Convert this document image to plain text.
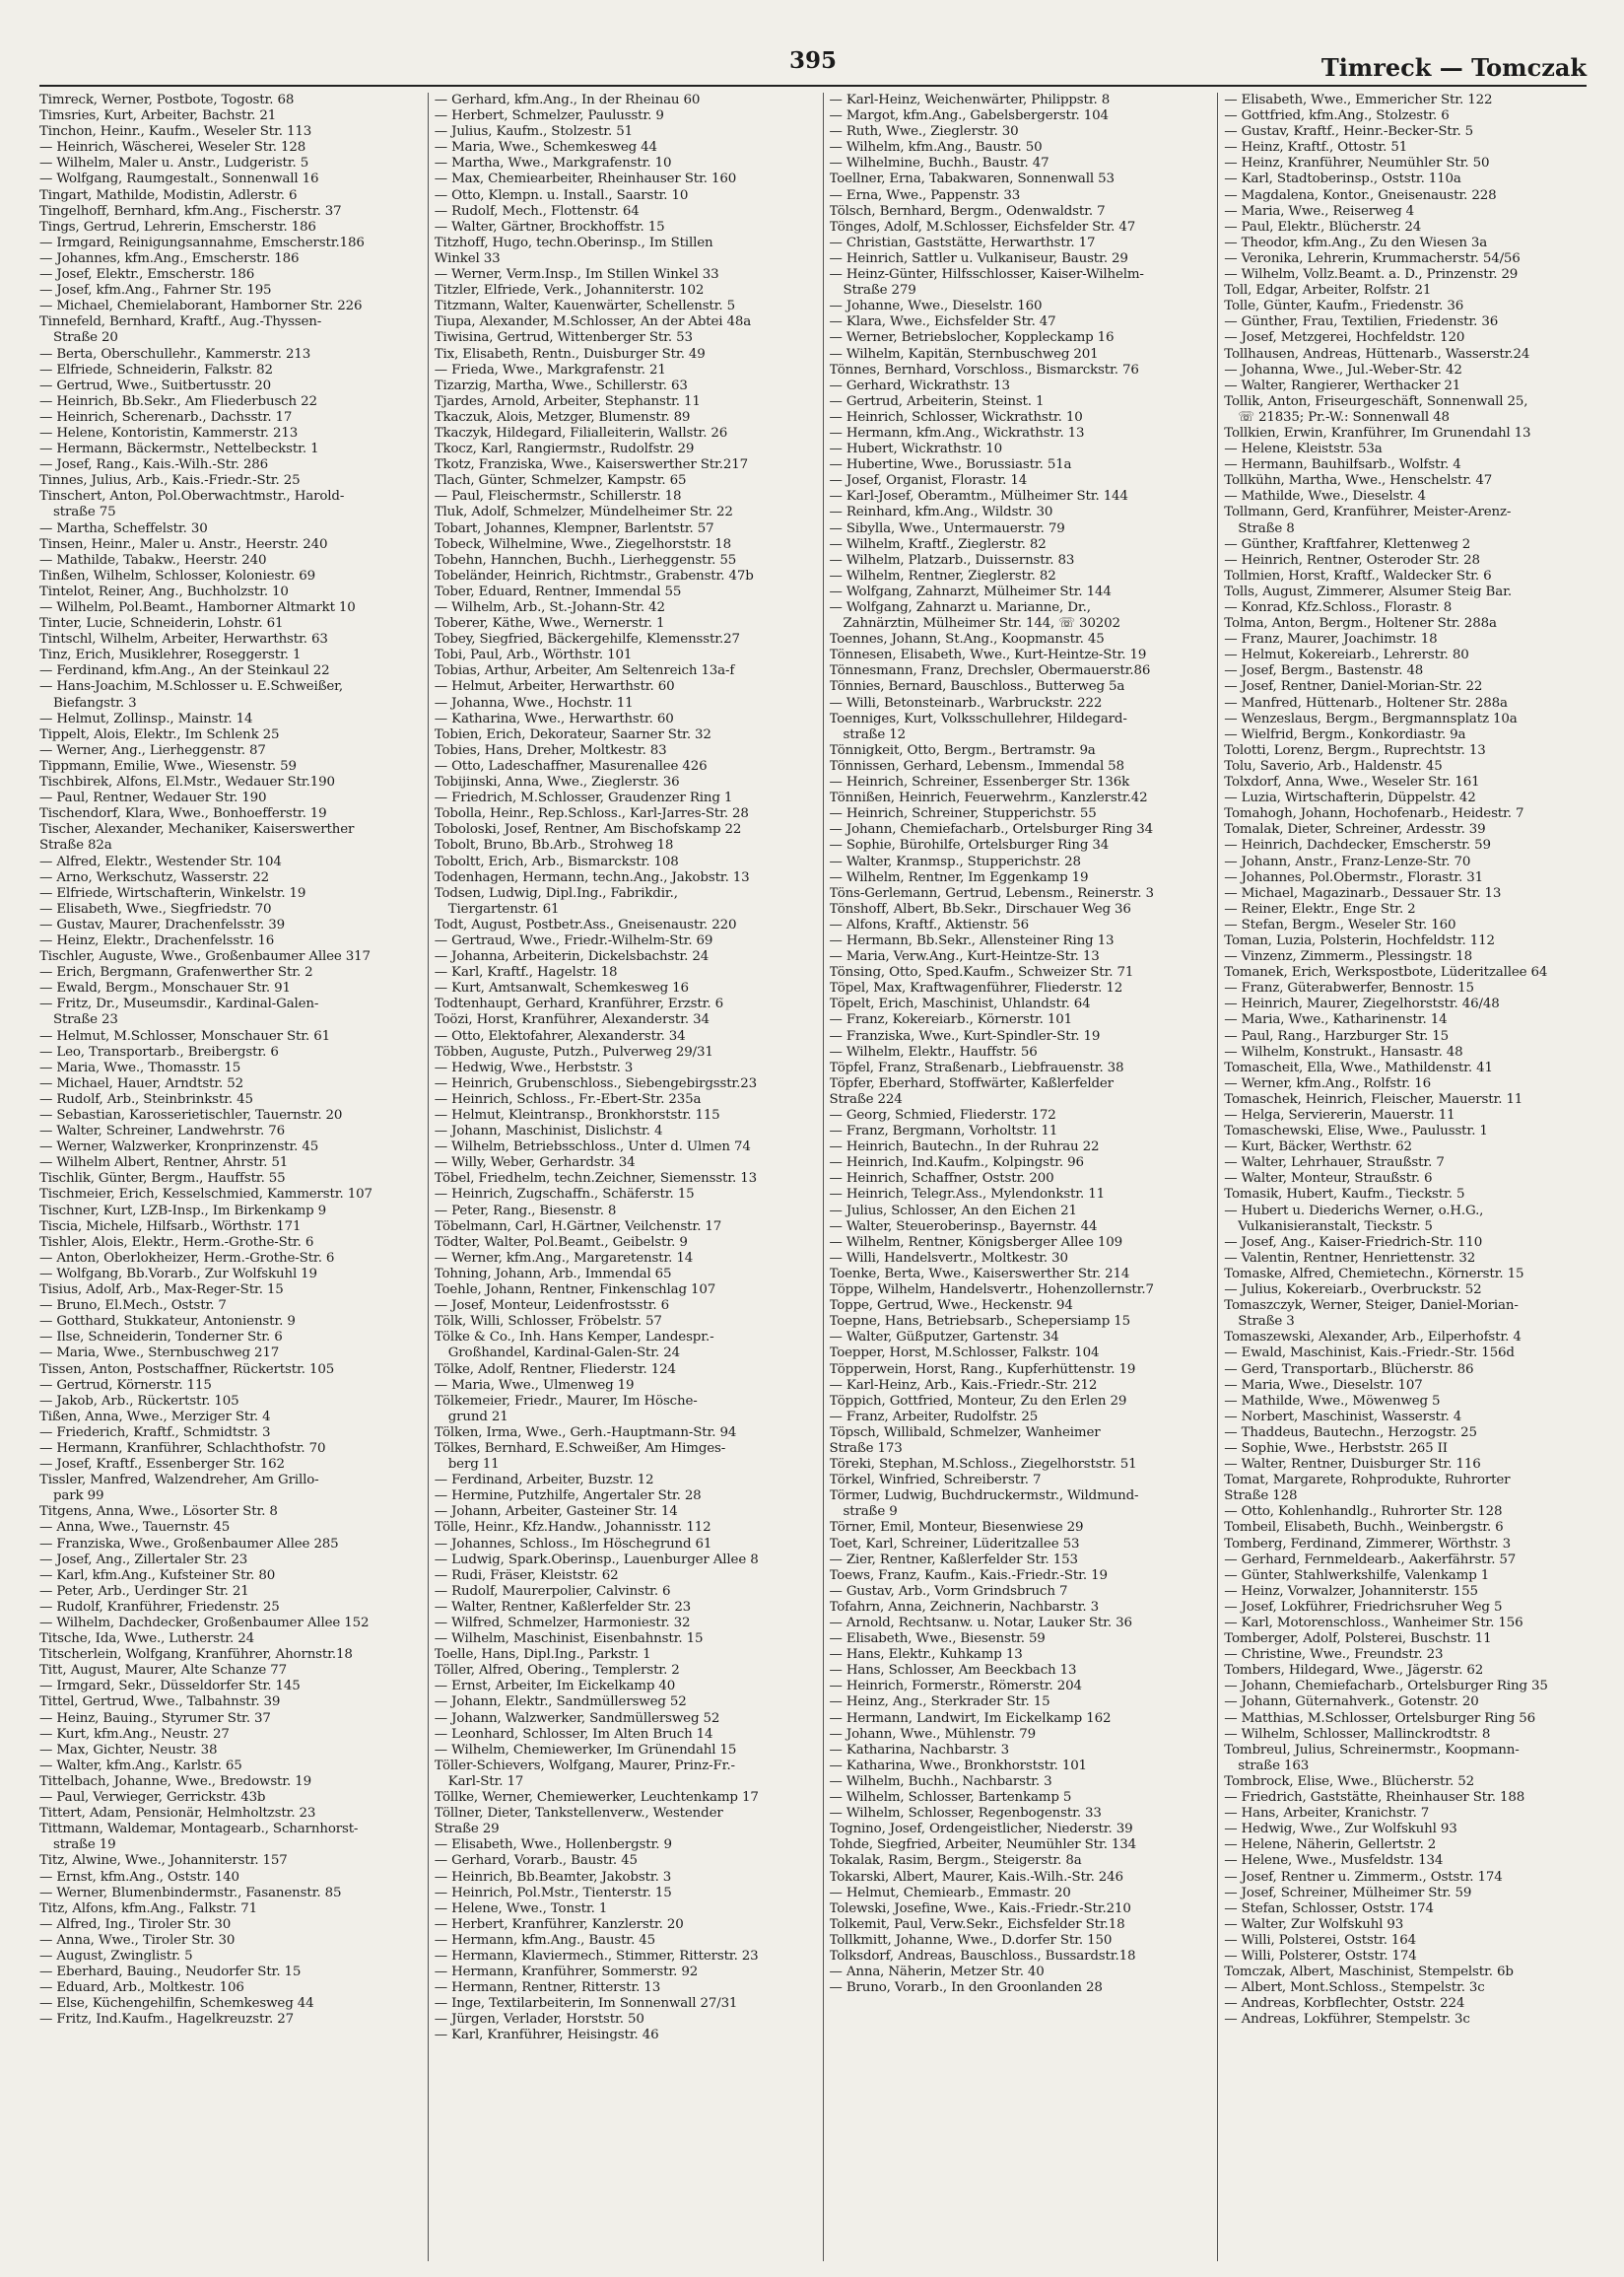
395	Timreck — Tomczak
Timreck, Werner, Postbote, Togostr. 68
Timsries, Kurt, Arbeiter, Bachstr. 21
Tinchon, Heinr., Kaufm., Weseler Str. 113
— Heinrich, Wäscherei, Weseler Str. 128
— Wilhelm, Maler u. Anstr., Ludgeristr. 5
— Wolfgang, Raumgestalt., Sonnenwall 16
Tingart, Mathilde, Modistin, Adlerstr. 6
Tingelhoff, Bernhard, kfm.Ang., Fischerstr. 37
Tings, Gertrud, Lehrerin, Emscherstr. 186
— Irmgard, Reinigungsannahme, Emscherstr.186
— Johannes, kfm.Ang., Emscherstr. 186
— Josef, Elektr., Emscherstr. 186
— Josef, kfm.Ang., Fahrner Str. 195
— Michael, Chemielaborant, Hamborner Str. 226
Tinnefeld, Bernhard, Kraftf., Aug.-Thyssen-
Straße 20
— Berta, Oberschullehr., Kammerstr. 213
— Elfriede, Schneiderin, Falkstr. 82
— Gertrud, Wwe., Suitbertusstr. 20
— Heinrich, Bb.Sekr., Am Fliederbusch 22
— Heinrich, Scherenarb., Dachsstr. 17
— Helene, Kontoristin, Kammerstr. 213
— Hermann, Bäckermstr., Nettelbeckstr. 1
— Josef, Rang., Kais.-Wilh.-Str. 286
Tinnes, Julius, Arb., Kais.-Friedr.-Str. 25
Tinschert, Anton, Pol.Oberwachtmstr., Harold-
straße 75
— Martha, Scheffelstr. 30
Tinsen, Heinr., Maler u. Anstr., Heerstr. 240
— Mathilde, Tabakw., Heerstr. 240
Tinßen, Wilhelm, Schlosser, Koloniestr. 69
Tintelot, Reiner, Ang., Buchholzstr. 10
— Wilhelm, Pol.Beamt., Hamborner Altmarkt 10
Tinter, Lucie, Schneiderin, Lohstr. 61
Tintschl, Wilhelm, Arbeiter, Herwarthstr. 63
Tinz, Erich, Musiklehrer, Roseggerstr. 1
— Ferdinand, kfm.Ang., An der Steinkaul 22
— Hans-Joachim, M.Schlosser u. E.Schweißer,
Biefangstr. 3
— Helmut, Zollinsp., Mainstr. 14
Tippelt, Alois, Elektr., Im Schlenk 25
— Werner, Ang., Lierheggenstr. 87
Tippmann, Emilie, Wwe., Wiesenstr. 59
Tischbirek, Alfons, El.Mstr., Wedauer Str.190
— Paul, Rentner, Wedauer Str. 190
Tischendorf, Klara, Wwe., Bonhoefferstr. 19
Tischer, Alexander, Mechaniker, Kaiserswerther
Straße 82a
— Alfred, Elektr., Westender Str. 104
— Arno, Werkschutz, Wasserstr. 22
— Elfriede, Wirtschafterin, Winkelstr. 19
— Elisabeth, Wwe., Siegfriedstr. 70
— Gustav, Maurer, Drachenfelsstr. 39
— Heinz, Elektr., Drachenfelsstr. 16
Tischler, Auguste, Wwe., Großenbaumer Allee 317
— Erich, Bergmann, Grafenwerther Str. 2
— Ewald, Bergm., Monschauer Str. 91
— Fritz, Dr., Museumsdir., Kardinal-Galen-
Straße 23
— Helmut, M.Schlosser, Monschauer Str. 61
— Leo, Transportarb., Breibergstr. 6
— Maria, Wwe., Thomasstr. 15
— Michael, Hauer, Arndtstr. 52
— Rudolf, Arb., Steinbrinkstr. 45
— Sebastian, Karosserietischler, Tauernstr. 20
— Walter, Schreiner, Landwehrstr. 76
— Werner, Walzwerker, Kronprinzenstr. 45
— Wilhelm Albert, Rentner, Ahrstr. 51
Tischlik, Günter, Bergm., Hauffstr. 55
Tischmeier, Erich, Kesselschmied, Kammerstr. 107
Tischner, Kurt, LZB-Insp., Im Birkenkamp 9
Tiscia, Michele, Hilfsarb., Wörthstr. 171
Tishler, Alois, Elektr., Herm.-Grothe-Str. 6
— Anton, Oberlokheizer, Herm.-Grothe-Str. 6
— Wolfgang, Bb.Vorarb., Zur Wolfskuhl 19
Tisius, Adolf, Arb., Max-Reger-Str. 15
— Bruno, El.Mech., Oststr. 7
— Gotthard, Stukkateur, Antonienstr. 9
— Ilse, Schneiderin, Tonderner Str. 6
— Maria, Wwe., Sternbuschweg 217
Tissen, Anton, Postschaffner, Rückertstr. 105
— Gertrud, Körnerstr. 115
— Jakob, Arb., Rückertstr. 105
Tißen, Anna, Wwe., Merziger Str. 4
— Friederich, Kraftf., Schmidtstr. 3
— Hermann, Kranführer, Schlachthofstr. 70
— Josef, Kraftf., Essenberger Str. 162
Tissler, Manfred, Walzendreher, Am Grillo-
park 99
Titgens, Anna, Wwe., Lösorter Str. 8
— Anna, Wwe., Tauernstr. 45
— Franziska, Wwe., Großenbaumer Allee 285
— Josef, Ang., Zillertaler Str. 23
— Karl, kfm.Ang., Kufsteiner Str. 80
— Peter, Arb., Uerdinger Str. 21
— Rudolf, Kranführer, Friedenstr. 25
— Wilhelm, Dachdecker, Großenbaumer Allee 152
Titsche, Ida, Wwe., Lutherstr. 24
Titscherlein, Wolfgang, Kranführer, Ahornstr.18
Titt, August, Maurer, Alte Schanze 77
— Irmgard, Sekr., Düsseldorfer Str. 145
Tittel, Gertrud, Wwe., Talbahnstr. 39
— Heinz, Bauing., Styrumer Str. 37
— Kurt, kfm.Ang., Neustr. 27
— Max, Gichter, Neustr. 38
— Walter, kfm.Ang., Karlstr. 65
Tittelbach, Johanne, Wwe., Bredowstr. 19
— Paul, Verwieger, Gerrickstr. 43b
Tittert, Adam, Pensionär, Helmholtzstr. 23
Tittmann, Waldemar, Montagearb., Scharnhorst-
straße 19
Titz, Alwine, Wwe., Johanniterstr. 157
— Ernst, kfm.Ang., Oststr. 140
— Werner, Blumenbindermstr., Fasanenstr. 85
Titz, Alfons, kfm.Ang., Falkstr. 71
— Alfred, Ing., Tiroler Str. 30
— Anna, Wwe., Tiroler Str. 30
— August, Zwinglistr. 5
— Eberhard, Bauing., Neudorfer Str. 15
— Eduard, Arb., Moltkestr. 106
— Else, Küchengehilfin, Schemkesweg 44
— Fritz, Ind.Kaufm., Hagelkreuzstr. 27
— Gerhard, kfm.Ang., In der Rheinau 60
— Herbert, Schmelzer, Paulusstr. 9
— Julius, Kaufm., Stolzestr. 51
— Maria, Wwe., Schemkesweg 44
— Martha, Wwe., Markgrafenstr. 10
— Max, Chemiearbeiter, Rheinhauser Str. 160
— Otto, Klempn. u. Install., Saarstr. 10
— Rudolf, Mech., Flottenstr. 64
— Walter, Gärtner, Brockhoffstr. 15
Titzhoff, Hugo, techn.Oberinsp., Im Stillen
Winkel 33
— Werner, Verm.Insp., Im Stillen Winkel 33
Titzler, Elfriede, Verk., Johanniterstr. 102
Titzmann, Walter, Kauenwärter, Schellenstr. 5
Tiupa, Alexander, M.Schlosser, An der Abtei 48a
Tiwisina, Gertrud, Wittenberger Str. 53
Tix, Elisabeth, Rentn., Duisburger Str. 49
— Frieda, Wwe., Markgrafenstr. 21
Tizarzig, Martha, Wwe., Schillerstr. 63
Tjardes, Arnold, Arbeiter, Stephanstr. 11
Tkaczuk, Alois, Metzger, Blumenstr. 89
Tkaczyk, Hildegard, Filialleiterin, Wallstr. 26
Tkocz, Karl, Rangiermstr., Rudolfstr. 29
Tkotz, Franziska, Wwe., Kaiserswerther Str.217
Tlach, Günter, Schmelzer, Kampstr. 65
— Paul, Fleischermstr., Schillerstr. 18
Tluk, Adolf, Schmelzer, Mündelheimer Str. 22
Tobart, Johannes, Klempner, Barlentstr. 57
Tobeck, Wilhelmine, Wwe., Ziegelhorststr. 18
Tobehn, Hannchen, Buchh., Lierheggenstr. 55
Tobeländer, Heinrich, Richtmstr., Grabenstr. 47b
Tober, Eduard, Rentner, Immendal 55
— Wilhelm, Arb., St.-Johann-Str. 42
Toberer, Käthe, Wwe., Wernerstr. 1
Tobey, Siegfried, Bäckergehilfe, Klemensstr.27
Tobi, Paul, Arb., Wörthstr. 101
Tobias, Arthur, Arbeiter, Am Seltenreich 13a-f
— Helmut, Arbeiter, Herwarthstr. 60
— Johanna, Wwe., Hochstr. 11
— Katharina, Wwe., Herwarthstr. 60
Tobien, Erich, Dekorateur, Saarner Str. 32
Tobies, Hans, Dreher, Moltkestr. 83
— Otto, Ladeschaffner, Masurenallee 426
Tobijinski, Anna, Wwe., Zieglerstr. 36
— Friedrich, M.Schlosser, Graudenzer Ring 1
Tobolla, Heinr., Rep.Schloss., Karl-Jarres-Str. 28
Toboloski, Josef, Rentner, Am Bischofskamp 22
Tobolt, Bruno, Bb.Arb., Strohweg 18
Toboltt, Erich, Arb., Bismarckstr. 108
Todenhagen, Hermann, techn.Ang., Jakobstr. 13
Todsen, Ludwig, Dipl.Ing., Fabrikdir.,
Tiergartenstr. 61
Todt, August, Postbetr.Ass., Gneisenaustr. 220
— Gertraud, Wwe., Friedr.-Wilhelm-Str. 69
— Johanna, Arbeiterin, Dickelsbachstr. 24
— Karl, Kraftf., Hagelstr. 18
— Kurt, Amtsanwalt, Schemkesweg 16
Todtenhaupt, Gerhard, Kranführer, Erzstr. 6
Toözi, Horst, Kranführer, Alexanderstr. 34
— Otto, Elektofahrer, Alexanderstr. 34
Többen, Auguste, Putzh., Pulverweg 29/31
— Hedwig, Wwe., Herbststr. 3
— Heinrich, Grubenschloss., Siebengebirgsstr.23
— Heinrich, Schloss., Fr.-Ebert-Str. 235a
— Helmut, Kleintransp., Bronkhorststr. 115
— Johann, Maschinist, Dislichstr. 4
— Wilhelm, Betriebsschloss., Unter d. Ulmen 74
— Willy, Weber, Gerhardstr. 34
Töbel, Friedhelm, techn.Zeichner, Siemensstr. 13
— Heinrich, Zugschaffn., Schäferstr. 15
— Peter, Rang., Biesenstr. 8
Töbelmann, Carl, H.Gärtner, Veilchenstr. 17
Tödter, Walter, Pol.Beamt., Geibelstr. 9
— Werner, kfm.Ang., Margaretenstr. 14
Tohning, Johann, Arb., Immendal 65
Toehle, Johann, Rentner, Finkenschlag 107
— Josef, Monteur, Leidenfrostsstr. 6
Tölk, Willi, Schlosser, Fröbelstr. 57
Tölke & Co., Inh. Hans Kemper, Landespr.-
Großhandel, Kardinal-Galen-Str. 24
Tölke, Adolf, Rentner, Fliederstr. 124
— Maria, Wwe., Ulmenweg 19
Tölkemeier, Friedr., Maurer, Im Hösche-
grund 21
Tölken, Irma, Wwe., Gerh.-Hauptmann-Str. 94
Tölkes, Bernhard, E.Schweißer, Am Himges-
berg 11
— Ferdinand, Arbeiter, Buzstr. 12
— Hermine, Putzhilfe, Angertaler Str. 28
— Johann, Arbeiter, Gasteiner Str. 14
Tölle, Heinr., Kfz.Handw., Johannisstr. 112
— Johannes, Schloss., Im Höschegrund 61
— Ludwig, Spark.Oberinsp., Lauenburger Allee 8
— Rudi, Fräser, Kleiststr. 62
— Rudolf, Maurerpolier, Calvinstr. 6
— Walter, Rentner, Kaßlerfelder Str. 23
— Wilfred, Schmelzer, Harmoniestr. 32
— Wilhelm, Maschinist, Eisenbahnstr. 15
Toelle, Hans, Dipl.Ing., Parkstr. 1
Töller, Alfred, Obering., Templerstr. 2
— Ernst, Arbeiter, Im Eickelkamp 40
— Johann, Elektr., Sandmüllersweg 52
— Johann, Walzwerker, Sandmüllersweg 52
— Leonhard, Schlosser, Im Alten Bruch 14
— Wilhelm, Chemiewerker, Im Grünendahl 15
Töller-Schievers, Wolfgang, Maurer, Prinz-Fr.-
Karl-Str. 17
Töllke, Werner, Chemiewerker, Leuchtenkamp 17
Töllner, Dieter, Tankstellenverw., Westender
Straße 29
— Elisabeth, Wwe., Hollenbergstr. 9
— Gerhard, Vorarb., Baustr. 45
— Heinrich, Bb.Beamter, Jakobstr. 3
— Heinrich, Pol.Mstr., Tienterstr. 15
— Helene, Wwe., Tonstr. 1
— Herbert, Kranführer, Kanzlerstr. 20
— Hermann, kfm.Ang., Baustr. 45
— Hermann, Klaviermech., Stimmer, Ritterstr. 23
— Hermann, Kranführer, Sommerstr. 92
— Hermann, Rentner, Ritterstr. 13
— Inge, Textilarbeiterin, Im Sonnenwall 27/31
— Jürgen, Verlader, Horststr. 50
— Karl, Kranführer, Heisingstr. 46
— Karl-Heinz, Weichenwärter, Philippstr. 8
— Margot, kfm.Ang., Gabelsbergerstr. 104
— Ruth, Wwe., Zieglerstr. 30
— Wilhelm, kfm.Ang., Baustr. 50
— Wilhelmine, Buchh., Baustr. 47
Toellner, Erna, Tabakwaren, Sonnenwall 53
— Erna, Wwe., Pappenstr. 33
Tölsch, Bernhard, Bergm., Odenwaldstr. 7
Tönges, Adolf, M.Schlosser, Eichsfelder Str. 47
— Christian, Gaststätte, Herwarthstr. 17
— Heinrich, Sattler u. Vulkaniseur, Baustr. 29
— Heinz-Günter, Hilfsschlosser, Kaiser-Wilhelm-
Straße 279
— Johanne, Wwe., Dieselstr. 160
— Klara, Wwe., Eichsfelder Str. 47
— Werner, Betriebslocher, Koppleckamp 16
— Wilhelm, Kapitän, Sternbuschweg 201
Tönnes, Bernhard, Vorschloss., Bismarckstr. 76
— Gerhard, Wickrathstr. 13
— Gertrud, Arbeiterin, Steinst. 1
— Heinrich, Schlosser, Wickrathstr. 10
— Hermann, kfm.Ang., Wickrathstr. 13
— Hubert, Wickrathstr. 10
— Hubertine, Wwe., Borussiastr. 51a
— Josef, Organist, Florastr. 14
— Karl-Josef, Oberamtm., Mülheimer Str. 144
— Reinhard, kfm.Ang., Wildstr. 30
— Sibylla, Wwe., Untermauerstr. 79
— Wilhelm, Kraftf., Zieglerstr. 82
— Wilhelm, Platzarb., Duissernstr. 83
— Wilhelm, Rentner, Zieglerstr. 82
— Wolfgang, Zahnarzt, Mülheimer Str. 144
— Wolfgang, Zahnarzt u. Marianne, Dr.,
Zahnärztin, Mülheimer Str. 144, ☏ 30202
Toennes, Johann, St.Ang., Koopmanstr. 45
Tönnesen, Elisabeth, Wwe., Kurt-Heintze-Str. 19
Tönnesmann, Franz, Drechsler, Obermauerstr.86
Tönnies, Bernard, Bauschloss., Butterweg 5a
— Willi, Betonsteinarb., Warbruckstr. 222
Toenniges, Kurt, Volksschullehrer, Hildegard-
straße 12
Tönnigkeit, Otto, Bergm., Bertramstr. 9a
Tönnissen, Gerhard, Lebensm., Immendal 58
— Heinrich, Schreiner, Essenberger Str. 136k
Tönnißen, Heinrich, Feuerwehrm., Kanzlerstr.42
— Heinrich, Schreiner, Stupperichstr. 55
— Johann, Chemiefacharb., Ortelsburger Ring 34
— Sophie, Bürohilfe, Ortelsburger Ring 34
— Walter, Kranmsp., Stupperichstr. 28
— Wilhelm, Rentner, Im Eggenkamp 19
Töns-Gerlemann, Gertrud, Lebensm., Reinerstr. 3
Tönshoff, Albert, Bb.Sekr., Dirschauer Weg 36
— Alfons, Kraftf., Aktienstr. 56
— Hermann, Bb.Sekr., Allensteiner Ring 13
— Maria, Verw.Ang., Kurt-Heintze-Str. 13
Tönsing, Otto, Sped.Kaufm., Schweizer Str. 71
Töpel, Max, Kraftwagenführer, Fliederstr. 12
Töpelt, Erich, Maschinist, Uhlandstr. 64
— Franz, Kokereiarb., Körnerstr. 101
— Franziska, Wwe., Kurt-Spindler-Str. 19
— Wilhelm, Elektr., Hauffstr. 56
Töpfel, Franz, Straßenarb., Liebfrauenstr. 38
Töpfer, Eberhard, Stoffwärter, Kaßlerfelder
Straße 224
— Georg, Schmied, Fliederstr. 172
— Franz, Bergmann, Vorholtstr. 11
— Heinrich, Bautechn., In der Ruhrau 22
— Heinrich, Ind.Kaufm., Kolpingstr. 96
— Heinrich, Schaffner, Oststr. 200
— Heinrich, Telegr.Ass., Mylendonkstr. 11
— Julius, Schlosser, An den Eichen 21
— Walter, Steueroberinsp., Bayernstr. 44
— Wilhelm, Rentner, Königsberger Allee 109
— Willi, Handelsvertr., Moltkestr. 30
Toenke, Berta, Wwe., Kaiserswerther Str. 214
Töppe, Wilhelm, Handelsvertr., Hohenzollernstr.7
Toppe, Gertrud, Wwe., Heckenstr. 94
Toepne, Hans, Betriebsarb., Schepersiamp 15
— Walter, Güßputzer, Gartenstr. 34
Toepper, Horst, M.Schlosser, Falkstr. 104
Töpperwein, Horst, Rang., Kupferhüttenstr. 19
— Karl-Heinz, Arb., Kais.-Friedr.-Str. 212
Töppich, Gottfried, Monteur, Zu den Erlen 29
— Franz, Arbeiter, Rudolfstr. 25
Töpsch, Willibald, Schmelzer, Wanheimer
Straße 173
Töreki, Stephan, M.Schloss., Ziegelhorststr. 51
Törkel, Winfried, Schreiberstr. 7
Törmer, Ludwig, Buchdruckermstr., Wildmund-
straße 9
Törner, Emil, Monteur, Biesenwiese 29
Toet, Karl, Schreiner, Lüderitzallee 53
— Zier, Rentner, Kaßlerfelder Str. 153
Toews, Franz, Kaufm., Kais.-Friedr.-Str. 19
— Gustav, Arb., Vorm Grindsbruch 7
Tofahrn, Anna, Zeichnerin, Nachbarstr. 3
— Arnold, Rechtsanw. u. Notar, Lauker Str. 36
— Elisabeth, Wwe., Biesenstr. 59
— Hans, Elektr., Kuhkamp 13
— Hans, Schlosser, Am Beeckbach 13
— Heinrich, Formerstr., Römerstr. 204
— Heinz, Ang., Sterkrader Str. 15
— Hermann, Landwirt, Im Eickelkamp 162
— Johann, Wwe., Mühlenstr. 79
— Katharina, Nachbarstr. 3
— Katharina, Wwe., Bronkhorststr. 101
— Wilhelm, Buchh., Nachbarstr. 3
— Wilhelm, Schlosser, Bartenkamp 5
— Wilhelm, Schlosser, Regenbogenstr. 33
Tognino, Josef, Ordengeistlicher, Niederstr. 39
Tohde, Siegfried, Arbeiter, Neumühler Str. 134
Tokalak, Rasim, Bergm., Steigerstr. 8a
Tokarski, Albert, Maurer, Kais.-Wilh.-Str. 246
— Helmut, Chemiearb., Emmastr. 20
Tolewski, Josefine, Wwe., Kais.-Friedr.-Str.210
Tolkemit, Paul, Verw.Sekr., Eichsfelder Str.18
Tollkmitt, Johanne, Wwe., D.dorfer Str. 150
Tolksdorf, Andreas, Bauschloss., Bussardstr.18
— Anna, Näherin, Metzer Str. 40
— Bruno, Vorarb., In den Groonlanden 28
— Elisabeth, Wwe., Emmericher Str. 122
— Gottfried, kfm.Ang., Stolzestr. 6
— Gustav, Kraftf., Heinr.-Becker-Str. 5
— Heinz, Kraftf., Ottostr. 51
— Heinz, Kranführer, Neumühler Str. 50
— Karl, Stadtoberinsp., Oststr. 110a
— Magdalena, Kontor., Gneisenaustr. 228
— Maria, Wwe., Reiserweg 4
— Paul, Elektr., Blücherstr. 24
— Theodor, kfm.Ang., Zu den Wiesen 3a
— Veronika, Lehrerin, Krummacherstr. 54/56
— Wilhelm, Vollz.Beamt. a. D., Prinzenstr. 29
Toll, Edgar, Arbeiter, Rolfstr. 21
Tolle, Günter, Kaufm., Friedenstr. 36
— Günther, Frau, Textilien, Friedenstr. 36
— Josef, Metzgerei, Hochfeldstr. 120
Tollhausen, Andreas, Hüttenarb., Wasserstr.24
— Johanna, Wwe., Jul.-Weber-Str. 42
— Walter, Rangierer, Werthacker 21
Tollik, Anton, Friseurgeschäft, Sonnenwall 25,
☏ 21835; Pr.-W.: Sonnenwall 48
Tollkien, Erwin, Kranführer, Im Grunendahl 13
— Helene, Kleiststr. 53a
— Hermann, Bauhilfsarb., Wolfstr. 4
Tollkühn, Martha, Wwe., Henschelstr. 47
— Mathilde, Wwe., Dieselstr. 4
Tollmann, Gerd, Kranführer, Meister-Arenz-
Straße 8
— Günther, Kraftfahrer, Klettenweg 2
— Heinrich, Rentner, Osteroder Str. 28
Tollmien, Horst, Kraftf., Waldecker Str. 6
Tolls, August, Zimmerer, Alsumer Steig Bar.
— Konrad, Kfz.Schloss., Florastr. 8
Tolma, Anton, Bergm., Holtener Str. 288a
— Franz, Maurer, Joachimstr. 18
— Helmut, Kokereiarb., Lehrerstr. 80
— Josef, Bergm., Bastenstr. 48
— Josef, Rentner, Daniel-Morian-Str. 22
— Manfred, Hüttenarb., Holtener Str. 288a
— Wenzeslaus, Bergm., Bergmannsplatz 10a
— Wielfrid, Bergm., Konkordiastr. 9a
Tolotti, Lorenz, Bergm., Ruprechtstr. 13
Tolu, Saverio, Arb., Haldenstr. 45
Tolxdorf, Anna, Wwe., Weseler Str. 161
— Luzia, Wirtschafterin, Düppelstr. 42
Tomahogh, Johann, Hochofenarb., Heidestr. 7
Tomalak, Dieter, Schreiner, Ardesstr. 39
— Heinrich, Dachdecker, Emscherstr. 59
— Johann, Anstr., Franz-Lenze-Str. 70
— Johannes, Pol.Obermstr., Florastr. 31
— Michael, Magazinarb., Dessauer Str. 13
— Reiner, Elektr., Enge Str. 2
— Stefan, Bergm., Weseler Str. 160
Toman, Luzia, Polsterin, Hochfeldstr. 112
— Vinzenz, Zimmerm., Plessingstr. 18
Tomanek, Erich, Werkspostbote, Lüderitzallee 64
— Franz, Güterabwerfer, Bennostr. 15
— Heinrich, Maurer, Ziegelhorststr. 46/48
— Maria, Wwe., Katharinenstr. 14
— Paul, Rang., Harzburger Str. 15
— Wilhelm, Konstrukt., Hansastr. 48
Tomascheit, Ella, Wwe., Mathildenstr. 41
— Werner, kfm.Ang., Rolfstr. 16
Tomaschek, Heinrich, Fleischer, Mauerstr. 11
— Helga, Serviererin, Mauerstr. 11
Tomaschewski, Elise, Wwe., Paulusstr. 1
— Kurt, Bäcker, Werthstr. 62
— Walter, Lehrhauer, Straußstr. 7
— Walter, Monteur, Straußstr. 6
Tomasik, Hubert, Kaufm., Tieckstr. 5
— Hubert u. Diederichs Werner, o.H.G.,
Vulkanisieranstalt, Tieckstr. 5
— Josef, Ang., Kaiser-Friedrich-Str. 110
— Valentin, Rentner, Henriettenstr. 32
Tomaske, Alfred, Chemietechn., Körnerstr. 15
— Julius, Kokereiarb., Overbruckstr. 52
Tomaszczyk, Werner, Steiger, Daniel-Morian-
Straße 3
Tomaszewski, Alexander, Arb., Eilperhofstr. 4
— Ewald, Maschinist, Kais.-Friedr.-Str. 156d
— Gerd, Transportarb., Blücherstr. 86
— Maria, Wwe., Dieselstr. 107
— Mathilde, Wwe., Möwenweg 5
— Norbert, Maschinist, Wasserstr. 4
— Thaddeus, Bautechn., Herzogstr. 25
— Sophie, Wwe., Herbststr. 265 II
— Walter, Rentner, Duisburger Str. 116
Tomat, Margarete, Rohprodukte, Ruhrorter
Straße 128
— Otto, Kohlenhandlg., Ruhrorter Str. 128
Tombeil, Elisabeth, Buchh., Weinbergstr. 6
Tomberg, Ferdinand, Zimmerer, Wörthstr. 3
— Gerhard, Fernmeldearb., Aakerfährstr. 57
— Günter, Stahlwerkshilfe, Valenkamp 1
— Heinz, Vorwalzer, Johanniterstr. 155
— Josef, Lokführer, Friedrichsruher Weg 5
— Karl, Motorenschloss., Wanheimer Str. 156
Tomberger, Adolf, Polsterei, Buschstr. 11
— Christine, Wwe., Freundstr. 23
Tombers, Hildegard, Wwe., Jägerstr. 62
— Johann, Chemiefacharb., Ortelsburger Ring 35
— Johann, Güternahverk., Gotenstr. 20
— Matthias, M.Schlosser, Ortelsburger Ring 56
— Wilhelm, Schlosser, Mallinckrodtstr. 8
Tombreul, Julius, Schreinermstr., Koopmann-
straße 163
Tombrock, Elise, Wwe., Blücherstr. 52
— Friedrich, Gaststätte, Rheinhauser Str. 188
— Hans, Arbeiter, Kranichstr. 7
— Hedwig, Wwe., Zur Wolfskuhl 93
— Helene, Näherin, Gellertstr. 2
— Helene, Wwe., Musfeldstr. 134
— Josef, Rentner u. Zimmerm., Oststr. 174
— Josef, Schreiner, Mülheimer Str. 59
— Stefan, Schlosser, Oststr. 174
— Walter, Zur Wolfskuhl 93
— Willi, Polsterei, Oststr. 164
— Willi, Polsterer, Oststr. 174
Tomczak, Albert, Maschinist, Stempelstr. 6b
— Albert, Mont.Schloss., Stempelstr. 3c
— Andreas, Korbflechter, Oststr. 224
— Andreas, Lokführer, Stempelstr. 3c
